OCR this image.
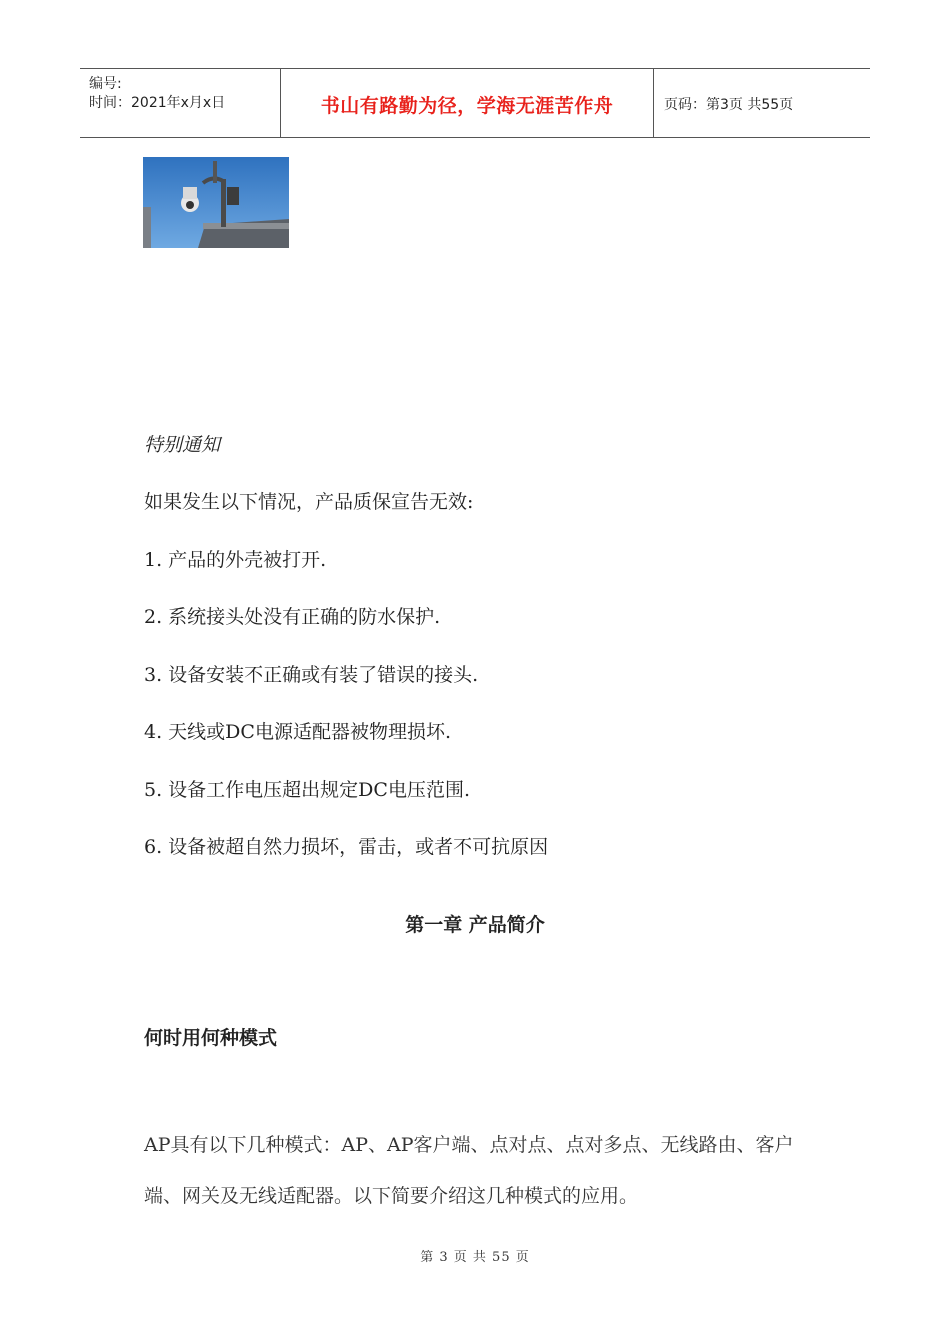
编号:
时间：2021年x月x日	书山有路勤为径，学海无涯苦作舟	页码：第3页 共55页
特别通知
如果发生以下情况，产品质保宣告无效:
1. 产品的外壳被打开.
2. 系统接头处没有正确的防水保护.
3. 设备安装不正确或有装了错误的接头.
4. 天线或DC电源适配器被物理损坏.
5. 设备工作电压超出规定DC电压范围.
6. 设备被超自然力损坏，雷击，或者不可抗原因
第一章 产品简介
何时用何种模式
AP具有以下几种模式：AP、AP客户端、点对点、点对多点、无线路由、客户端、网关及无线适配器。以下简要介绍这几种模式的应用。
第 3 页 共 55 页
